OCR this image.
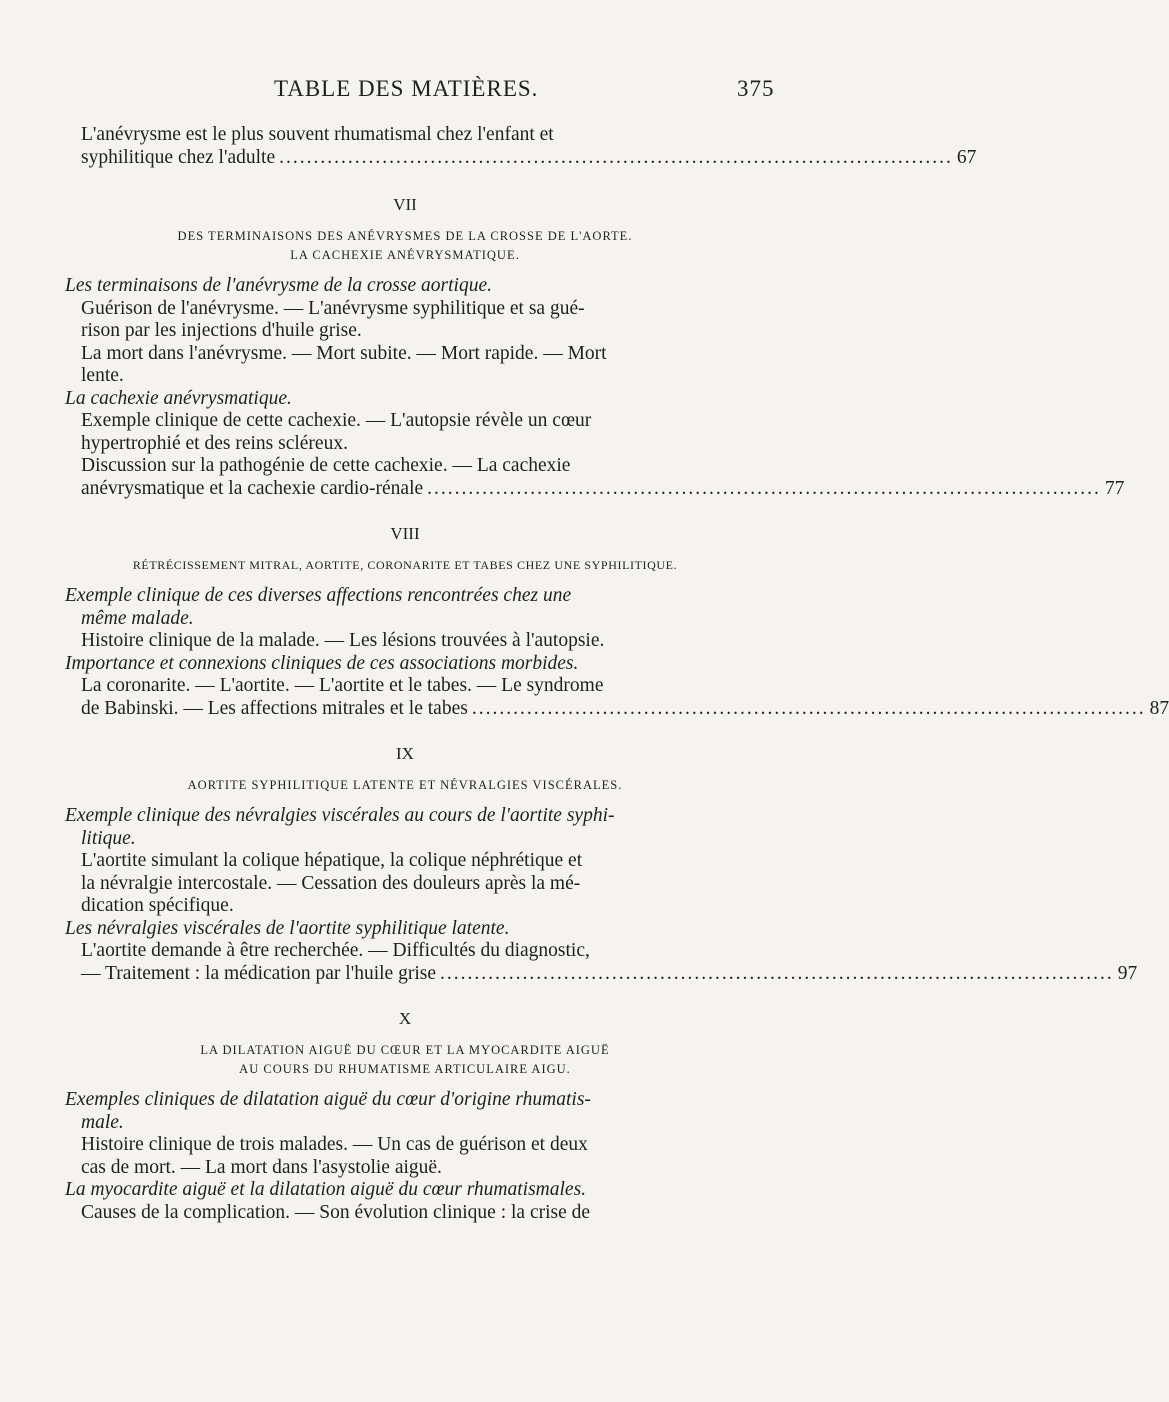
TABLE DES MATIÈRES.	375
L'anévrysme est le plus souvent rhumatismal chez l'enfant et
syphilitique chez l'adulte .................................................................................................. 67
VII
DES TERMINAISONS DES ANÉVRYSMES DE LA CROSSE DE L'AORTE.
LA CACHEXIE ANÉVRYSMATIQUE.
Les terminaisons de l'anévrysme de la crosse aortique.
Guérison de l'anévrysme. — L'anévrysme syphilitique et sa gué-
rison par les injections d'huile grise.
La mort dans l'anévrysme. — Mort subite. — Mort rapide. — Mort
lente.
La cachexie anévrysmatique.
Exemple clinique de cette cachexie. — L'autopsie révèle un cœur
hypertrophié et des reins scléreux.
Discussion sur la pathogénie de cette cachexie. — La cachexie
anévrysmatique et la cachexie cardio-rénale .................................................................................................. 77
VIII
RÉTRÉCISSEMENT MITRAL, AORTITE, CORONARITE ET TABES CHEZ UNE SYPHILITIQUE.
Exemple clinique de ces diverses affections rencontrées chez une
même malade.
Histoire clinique de la malade. — Les lésions trouvées à l'autopsie.
Importance et connexions cliniques de ces associations morbides.
La coronarite. — L'aortite. — L'aortite et le tabes. — Le syndrome
de Babinski. — Les affections mitrales et le tabes .................................................................................................. 87
IX
AORTITE SYPHILITIQUE LATENTE ET NÉVRALGIES VISCÉRALES.
Exemple clinique des névralgies viscérales au cours de l'aortite syphi-
litique.
L'aortite simulant la colique hépatique, la colique néphrétique et
la névralgie intercostale. — Cessation des douleurs après la mé-
dication spécifique.
Les névralgies viscérales de l'aortite syphilitique latente.
L'aortite demande à être recherchée. — Difficultés du diagnostic,
— Traitement : la médication par l'huile grise .................................................................................................. 97
X
LA DILATATION AIGUË DU CŒUR ET LA MYOCARDITE AIGUË
AU COURS DU RHUMATISME ARTICULAIRE AIGU.
Exemples cliniques de dilatation aiguë du cœur d'origine rhumatis-
male.
Histoire clinique de trois malades. — Un cas de guérison et deux
cas de mort. — La mort dans l'asystolie aiguë.
La myocardite aiguë et la dilatation aiguë du cœur rhumatismales.
Causes de la complication. — Son évolution clinique : la crise de
